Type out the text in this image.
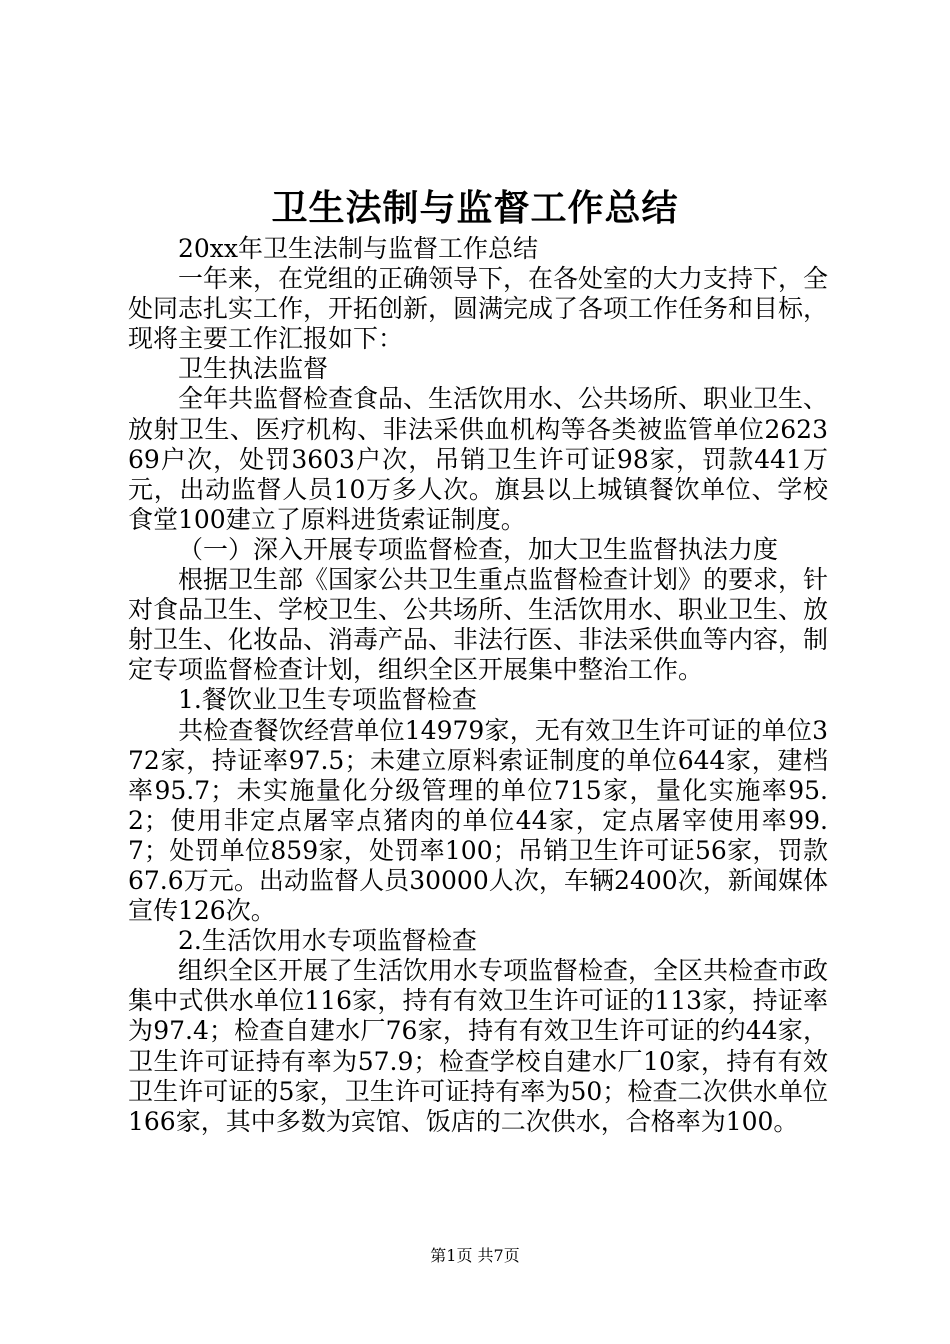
卫生法制与监督工作总结

20xx年卫生法制与监督工作总结

一年来，在党组的正确领导下，在各处室的大力支持下，全处同志扎实工作，开拓创新，圆满完成了各项工作任务和目标，现将主要工作汇报如下：

卫生执法监督

全年共监督检查食品、生活饮用水、公共场所、职业卫生、放射卫生、医疗机构、非法采供血机构等各类被监管单位262369户次，处罚3603户次，吊销卫生许可证98家，罚款441万元，出动监督人员10万多人次。旗县以上城镇餐饮单位、学校食堂100建立了原料进货索证制度。

（一）深入开展专项监督检查，加大卫生监督执法力度

根据卫生部《国家公共卫生重点监督检查计划》的要求，针对食品卫生、学校卫生、公共场所、生活饮用水、职业卫生、放射卫生、化妆品、消毒产品、非法行医、非法采供血等内容，制定专项监督检查计划，组织全区开展集中整治工作。

1.餐饮业卫生专项监督检查

共检查餐饮经营单位14979家，无有效卫生许可证的单位372家，持证率97.5；未建立原料索证制度的单位644家，建档率95.7；未实施量化分级管理的单位715家，量化实施率95.2；使用非定点屠宰点猪肉的单位44家，定点屠宰使用率99.7；处罚单位859家，处罚率100；吊销卫生许可证56家，罚款67.6万元。出动监督人员30000人次，车辆2400次，新闻媒体宣传126次。

2.生活饮用水专项监督检查

组织全区开展了生活饮用水专项监督检查，全区共检查市政集中式供水单位116家，持有有效卫生许可证的113家，持证率为97.4；检查自建水厂76家，持有有效卫生许可证的约44家，卫生许可证持有率为57.9；检查学校自建水厂10家，持有有效卫生许可证的5家，卫生许可证持有率为50；检查二次供水单位166家，其中多数为宾馆、饭店的二次供水，合格率为100。

第1页 共7页
